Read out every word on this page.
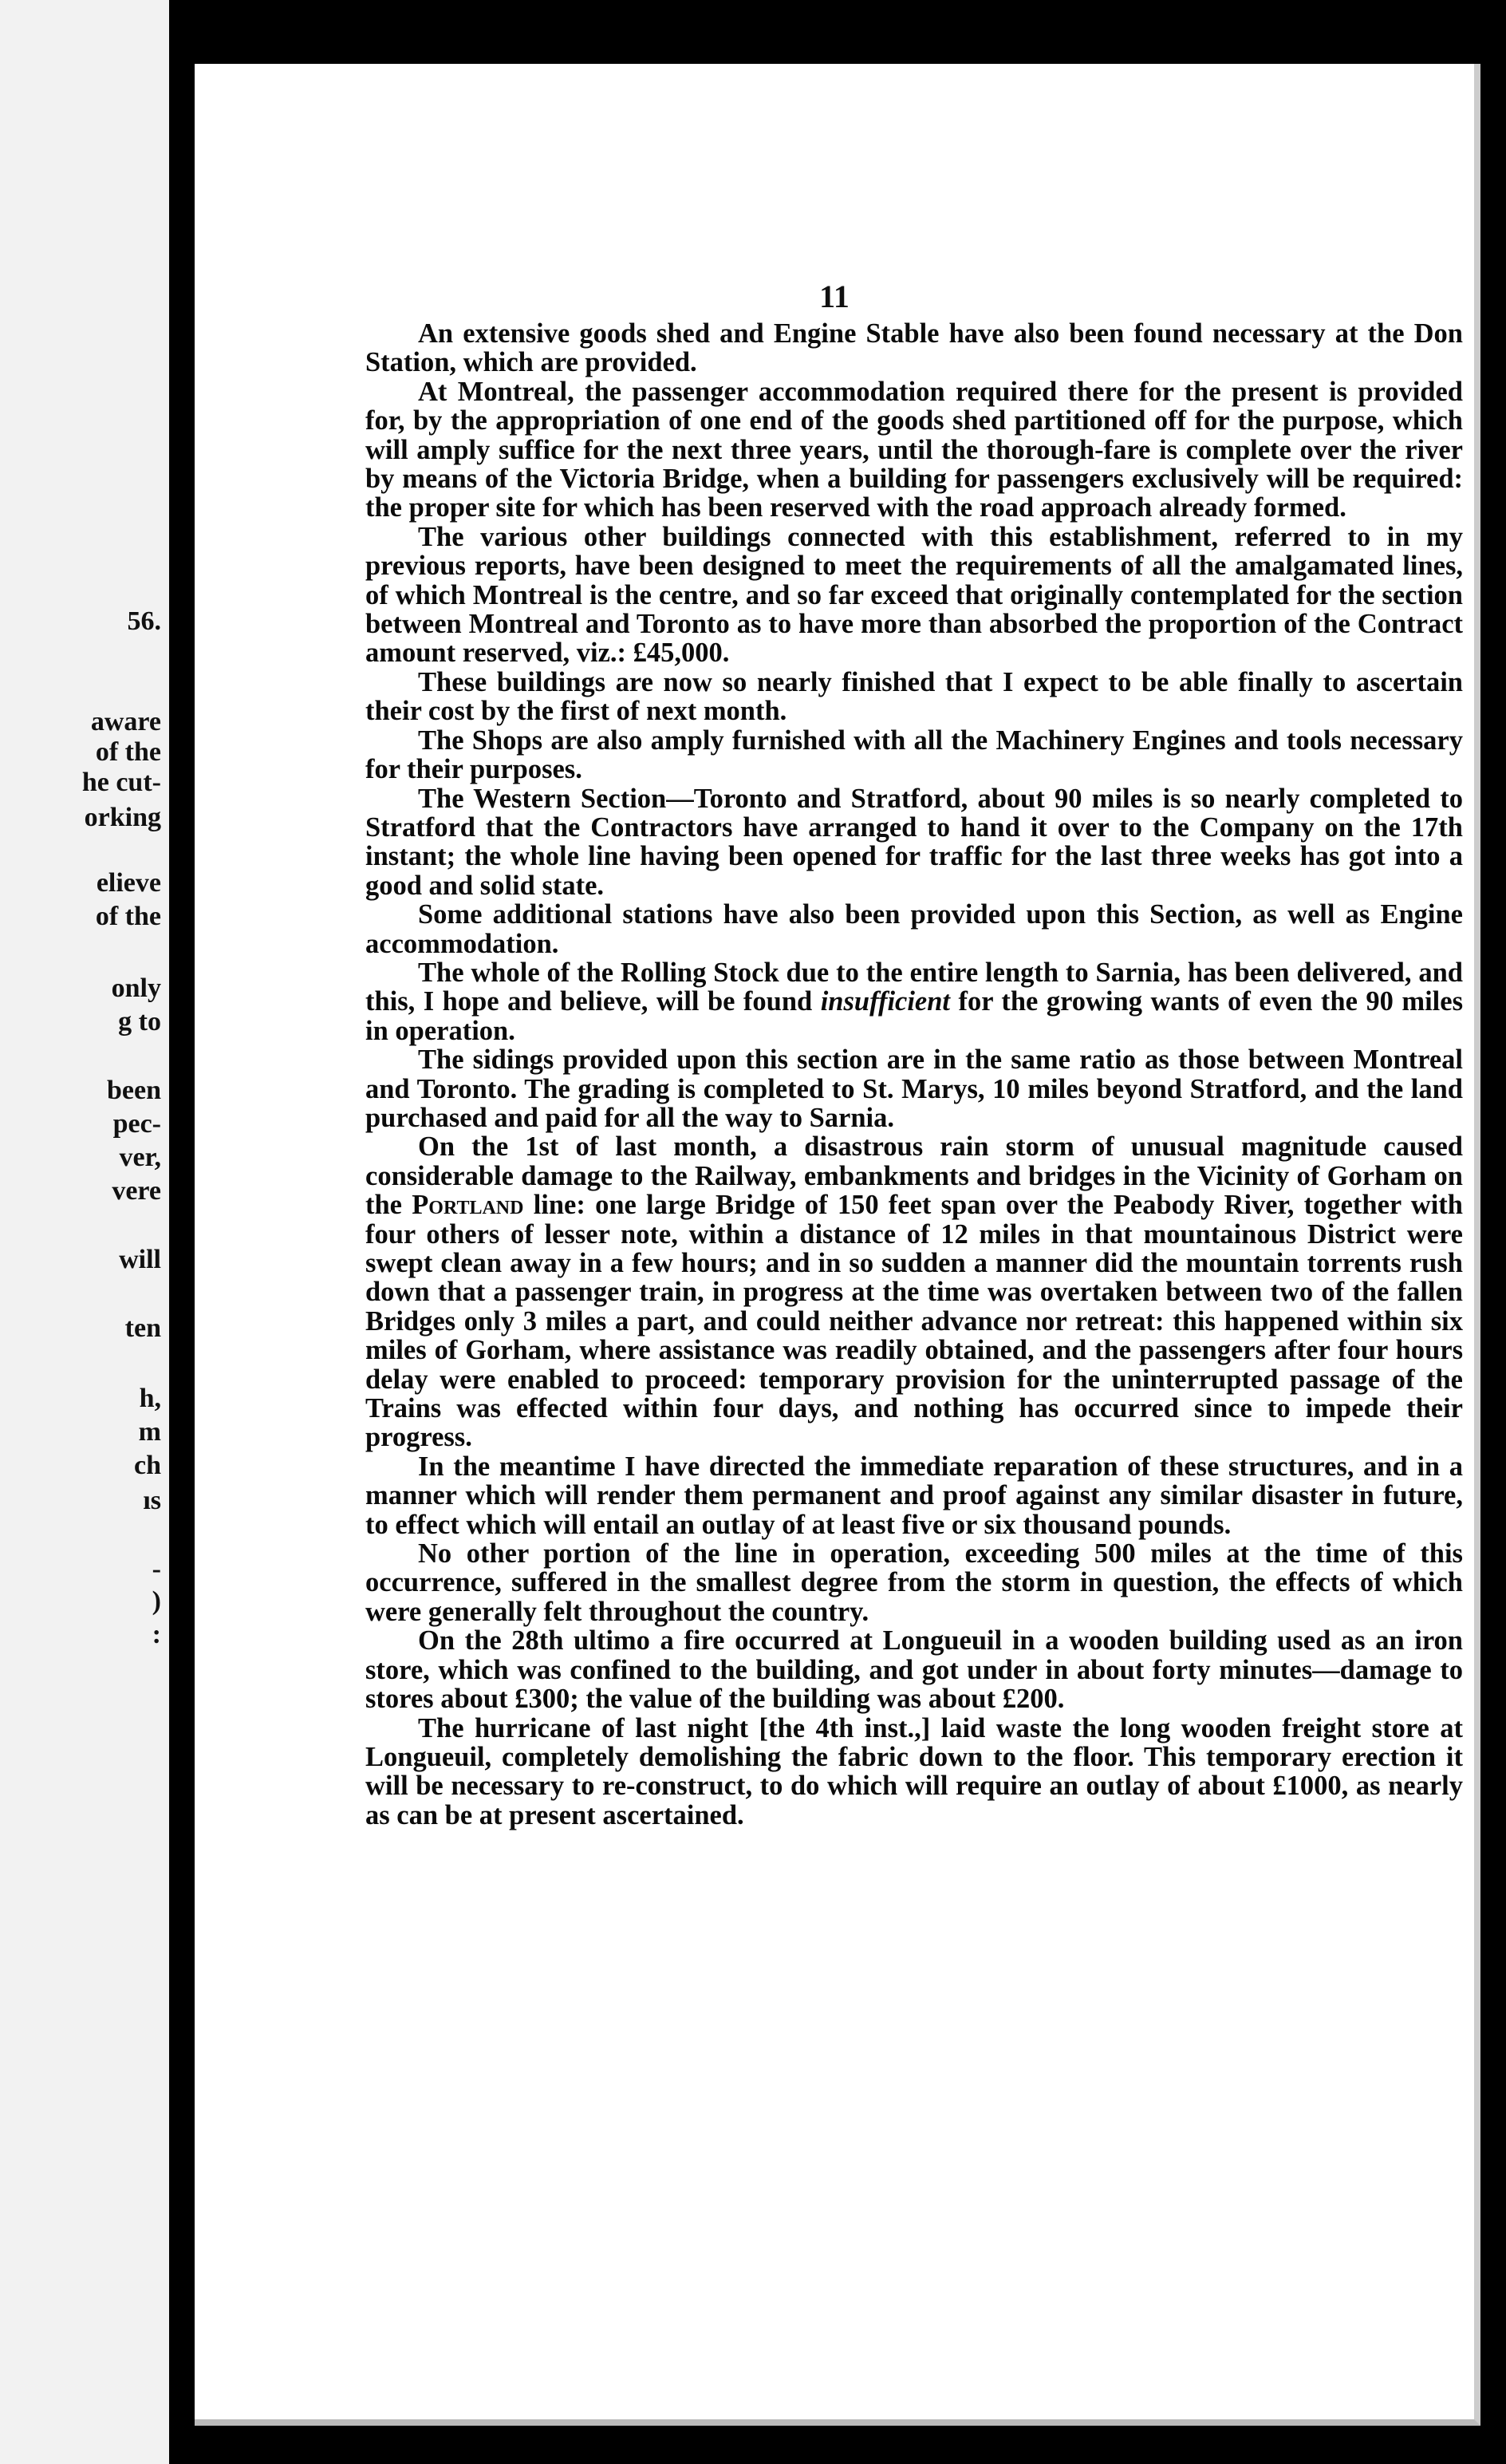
56.
aware
of the
he cut-
orking
elieve
of the
only
g to
been
pec-
ver,
vere
will
ten
h,
m
ch
ıs
-
)
:
11

An extensive goods shed and Engine Stable have also been found necessary at the Don Station, which are provided.

At Montreal, the passenger accommodation required there for the present is provided for, by the appropriation of one end of the goods shed partitioned off for the purpose, which will amply suffice for the next three years, until the thorough-fare is complete over the river by means of the Victoria Bridge, when a building for passengers exclusively will be required: the proper site for which has been reserved with the road approach already formed.

The various other buildings connected with this establishment, referred to in my previous reports, have been designed to meet the requirements of all the amalgamated lines, of which Montreal is the centre, and so far exceed that originally contemplated for the section between Montreal and Toronto as to have more than absorbed the proportion of the Contract amount reserved, viz.: £45,000.

These buildings are now so nearly finished that I expect to be able finally to ascertain their cost by the first of next month.

The Shops are also amply furnished with all the Machinery Engines and tools necessary for their purposes.

The Western Section—Toronto and Stratford, about 90 miles is so nearly completed to Stratford that the Contractors have arranged to hand it over to the Company on the 17th instant; the whole line having been opened for traffic for the last three weeks has got into a good and solid state.

Some additional stations have also been provided upon this Section, as well as Engine accommodation.

The whole of the Rolling Stock due to the entire length to Sarnia, has been delivered, and this, I hope and believe, will be found insufficient for the growing wants of even the 90 miles in operation.

The sidings provided upon this section are in the same ratio as those between Montreal and Toronto. The grading is completed to St. Marys, 10 miles beyond Stratford, and the land purchased and paid for all the way to Sarnia.

On the 1st of last month, a disastrous rain storm of unusual magnitude caused considerable damage to the Railway, embankments and bridges in the Vicinity of Gorham on the Portland line: one large Bridge of 150 feet span over the Peabody River, together with four others of lesser note, within a distance of 12 miles in that mountainous District were swept clean away in a few hours; and in so sudden a manner did the mountain torrents rush down that a passenger train, in progress at the time was overtaken between two of the fallen Bridges only 3 miles a part, and could neither advance nor retreat: this happened within six miles of Gorham, where assistance was readily obtained, and the passengers after four hours delay were enabled to proceed: temporary provision for the uninterrupted passage of the Trains was effected within four days, and nothing has occurred since to impede their progress.

In the meantime I have directed the immediate reparation of these structures, and in a manner which will render them permanent and proof against any similar disaster in future, to effect which will entail an outlay of at least five or six thousand pounds.

No other portion of the line in operation, exceeding 500 miles at the time of this occurrence, suffered in the smallest degree from the storm in question, the effects of which were generally felt throughout the country.

On the 28th ultimo a fire occurred at Longueuil in a wooden building used as an iron store, which was confined to the building, and got under in about forty minutes—damage to stores about £300; the value of the building was about £200.

The hurricane of last night [the 4th inst.,] laid waste the long wooden freight store at Longueuil, completely demolishing the fabric down to the floor. This temporary erection it will be necessary to re-construct, to do which will require an outlay of about £1000, as nearly as can be at present ascertained.
